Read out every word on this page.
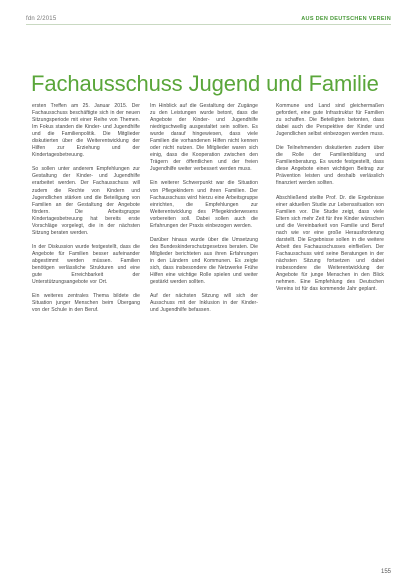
fdn 2/2015	AUS DEN DEUTSCHEN VEREIN
Fachausschuss Jugend und Familie

ersten Treffen am 25. Januar 2015. Der Fachausschuss beschäftigte sich in der neuen Sitzungsperiode mit einer Reihe von Themen. Im Fokus standen die Kinder- und Jugendhilfe und die Familienpolitik. Die Mitglieder diskutierten über die Weiterentwicklung der Hilfen zur Erziehung und der Kindertagesbetreuung.

So sollen unter anderem Empfehlungen zur Gestaltung der Kinder- und Jugendhilfe erarbeitet werden. Der Fachausschuss will zudem die Rechte von Kindern und Jugendlichen stärken und die Beteiligung von Familien an der Gestaltung der Angebote fördern. Die Arbeitsgruppe Kindertagesbetreuung hat bereits erste Vorschläge vorgelegt, die in der nächsten Sitzung beraten werden.

In der Diskussion wurde festgestellt, dass die Angebote für Familien besser aufeinander abgestimmt werden müssen. Familien benötigen verlässliche Strukturen und eine gute Erreichbarkeit der Unterstützungsangebote vor Ort.

Ein weiteres zentrales Thema bildete die Situation junger Menschen beim Übergang von der Schule in den Beruf.

Im Hinblick auf die Gestaltung der Zugänge zu den Leistungen wurde betont, dass die Angebote der Kinder- und Jugendhilfe niedrigschwellig ausgestaltet sein sollten. Es wurde darauf hingewiesen, dass viele Familien die vorhandenen Hilfen nicht kennen oder nicht nutzen. Die Mitglieder waren sich einig, dass die Kooperation zwischen den Trägern der öffentlichen und der freien Jugendhilfe weiter verbessert werden muss.

Ein weiterer Schwerpunkt war die Situation von Pflegekindern und ihren Familien. Der Fachausschuss wird hierzu eine Arbeitsgruppe einrichten, die Empfehlungen zur Weiterentwicklung des Pflegekinderwesens vorbereiten soll. Dabei sollen auch die Erfahrungen der Praxis einbezogen werden.

Darüber hinaus wurde über die Umsetzung des Bundeskinderschutzgesetzes beraten. Die Mitglieder berichteten aus ihren Erfahrungen in den Ländern und Kommunen. Es zeigte sich, dass insbesondere die Netzwerke Frühe Hilfen eine wichtige Rolle spielen und weiter gestärkt werden sollten.

Auf der nächsten Sitzung will sich der Ausschuss mit der Inklusion in der Kinder- und Jugendhilfe befassen.

Kommune und Land sind gleichermaßen gefordert, eine gute Infrastruktur für Familien zu schaffen. Die Beteiligten betonten, dass dabei auch die Perspektive der Kinder und Jugendlichen selbst einbezogen werden muss.

Die Teilnehmenden diskutierten zudem über die Rolle der Familienbildung und Familienberatung. Es wurde festgestellt, dass diese Angebote einen wichtigen Beitrag zur Prävention leisten und deshalb verlässlich finanziert werden sollten.

Abschließend stellte Prof. Dr. die Ergebnisse einer aktuellen Studie zur Lebenssituation von Familien vor. Die Studie zeigt, dass viele Eltern sich mehr Zeit für ihre Kinder wünschen und die Vereinbarkeit von Familie und Beruf nach wie vor eine große Herausforderung darstellt. Die Ergebnisse sollen in die weitere Arbeit des Fachausschusses einfließen. Der Fachausschuss wird seine Beratungen in der nächsten Sitzung fortsetzen und dabei insbesondere die Weiterentwicklung der Angebote für junge Menschen in den Blick nehmen. Eine Empfehlung des Deutschen Vereins ist für das kommende Jahr geplant.

155
